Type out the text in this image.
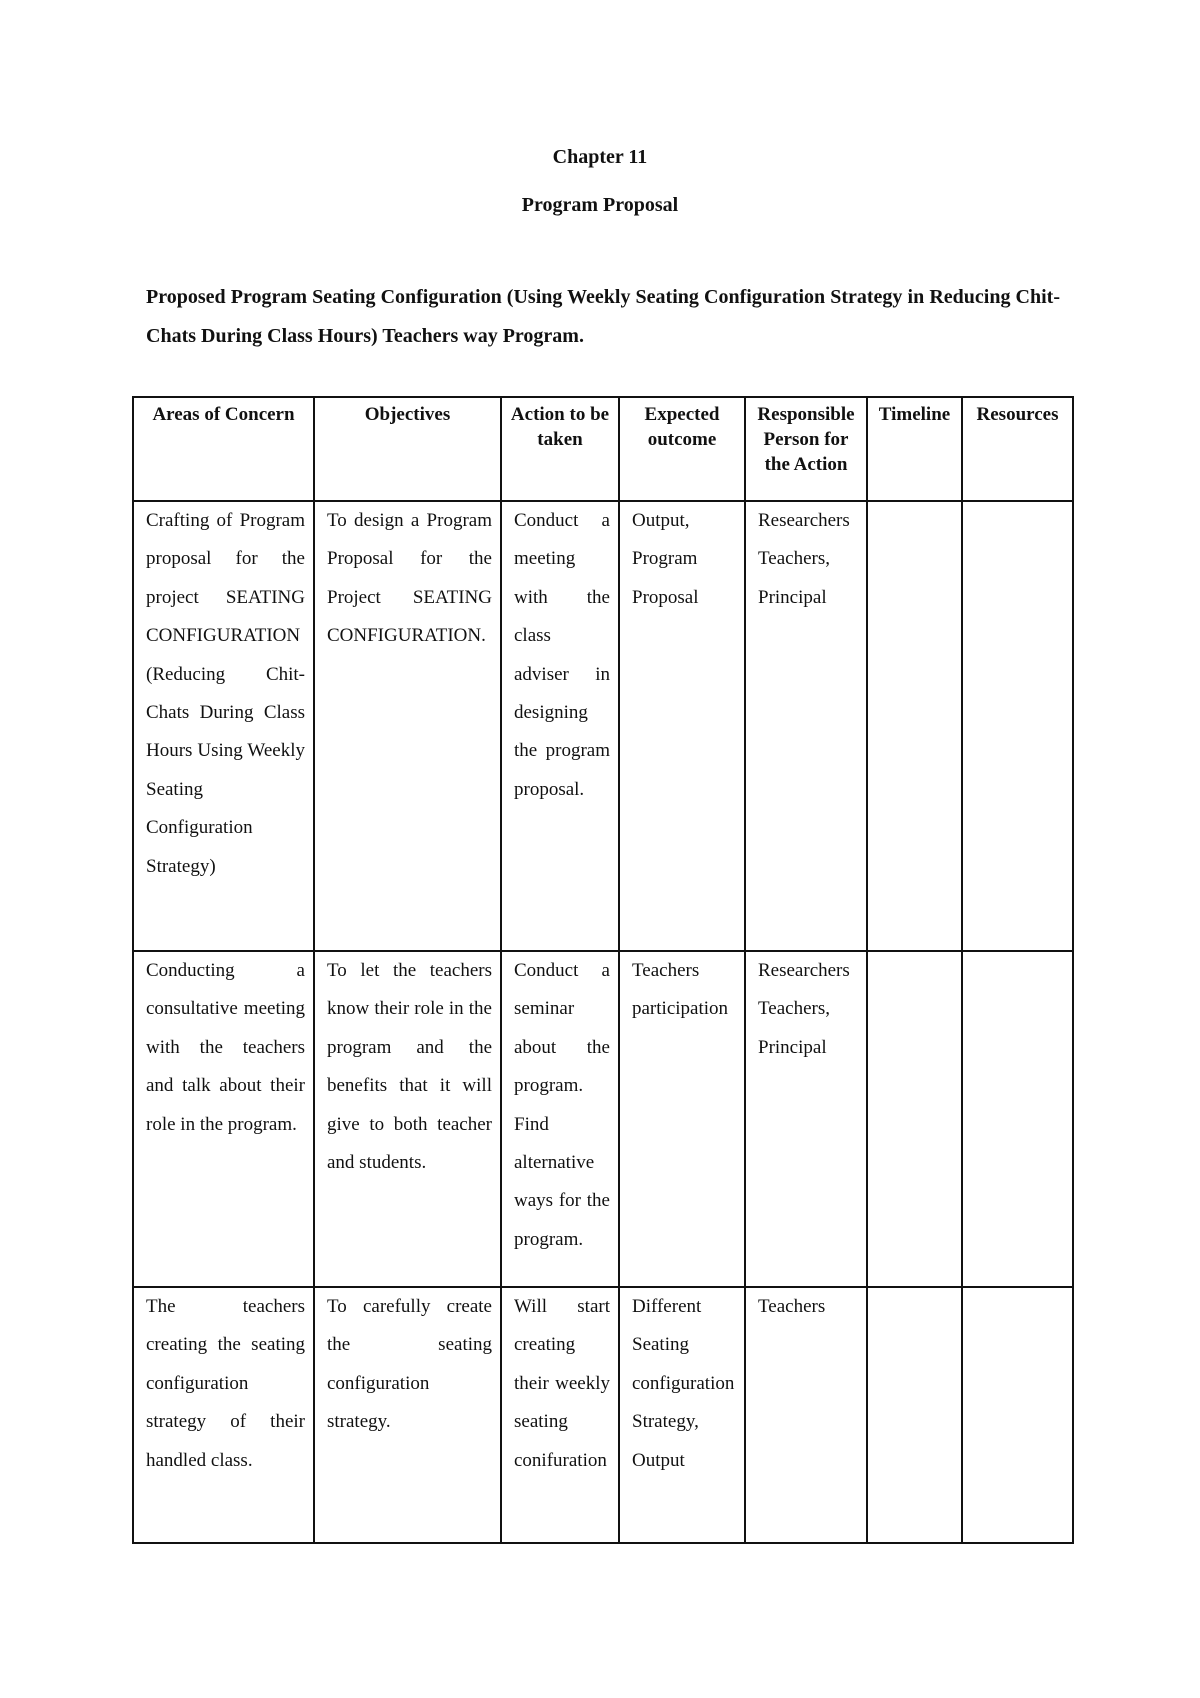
Chapter 11

Program Proposal

Proposed Program Seating Configuration (Using Weekly Seating Configuration Strategy in Reducing Chit-Chats During Class Hours) Teachers way Program.

Areas of Concern	Objectives	Action to be taken	Expected outcome	Responsible Person for the Action	Timeline	Resources
Crafting of Program proposal for the project SEATING CONFIGURATION (Reducing Chit-Chats During Class Hours Using Weekly Seating Configuration Strategy)	To design a Program Proposal for the Project SEATING CONFIGURATION.	Conduct a meeting with the class adviser in designing the program proposal.	Output, Program Proposal	Researchers Teachers, Principal		
Conducting a consultative meeting with the teachers and talk about their role in the program.	To let the teachers know their role in the program and the benefits that it will give to both teacher and students.	Conduct a seminar about the program. Find alternative ways for the program.	Teachers participation	Researchers Teachers, Principal		
The teachers creating the seating configuration strategy of their handled class.	To carefully create the seating configuration strategy.	Will start creating their weekly seating conifuration	Different Seating configuration Strategy, Output	Teachers		
